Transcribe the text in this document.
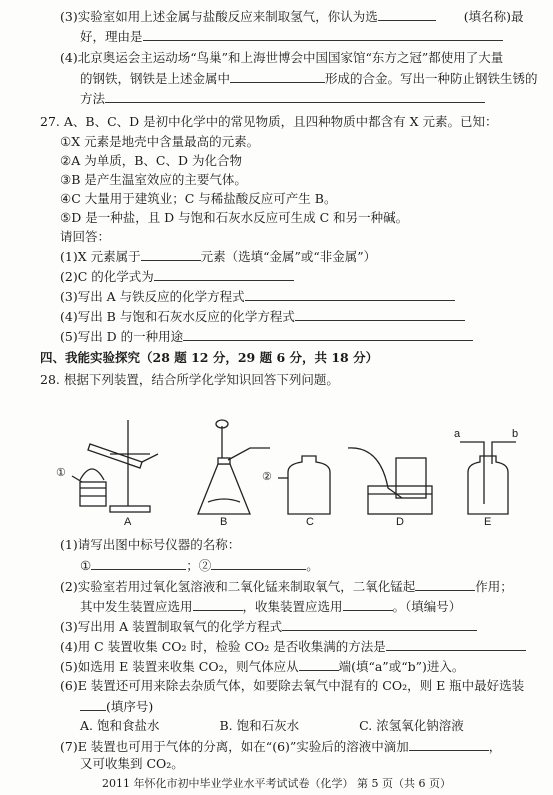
(3)实验室如用上述金属与盐酸反应来制取氢气，你认为选	(填名称)最
好，理由是
(4)北京奥运会主运动场“鸟巢”和上海世博会中国国家馆“东方之冠”都使用了大量
的钢铁，钢铁是上述金属中	形成的合金。写出一种防止钢铁生锈的
方法
27. A、B、C、D 是初中化学中的常见物质，且四种物质中都含有 X 元素。已知：
①X 元素是地壳中含量最高的元素。
②A 为单质，B、C、D 为化合物
③B 是产生温室效应的主要气体。
④C 大量用于建筑业；C 与稀盐酸反应可产生 B。
⑤D 是一种盐，且 D 与饱和石灰水反应可生成 C 和另一种碱。
请回答：
(1)X 元素属于	元素（选填“金属”或“非金属”）
(2)C 的化学式为
(3)写出 A 与铁反应的化学方程式
(4)写出 B 与饱和石灰水反应的化学方程式
(5)写出 D 的一种用途
四、我能实验探究（28 题 12 分，29 题 6 分，共 18 分）
28. 根据下列装置，结合所学化学知识回答下列问题。
①	②
a	b
A	B	C	D	E
(1)请写出图中标号仪器的名称：
①	；②	。
(2)实验室若用过氧化氢溶液和二氧化锰来制取氧气，二氧化锰起	作用；
其中发生装置应选用	，收集装置应选用	。（填编号）
(3)写出用 A 装置制取氧气的化学方程式
(4)用 C 装置收集 CO₂ 时，检验 CO₂ 是否收集满的方法是
(5)如选用 E 装置来收集 CO₂，则气体应从	端(填“a”或“b”)进入。
(6)E 装置还可用来除去杂质气体，如要除去氧气中混有的 CO₂，则 E 瓶中最好选装
(填序号)
A. 饱和食盐水	B. 饱和石灰水	C. 浓氢氧化钠溶液
(7)E 装置也可用于气体的分离，如在“(6)”实验后的溶液中滴加	，
又可收集到 CO₂。
2011 年怀化市初中毕业学业水平考试试卷（化学） 第 5 页（共 6 页）
